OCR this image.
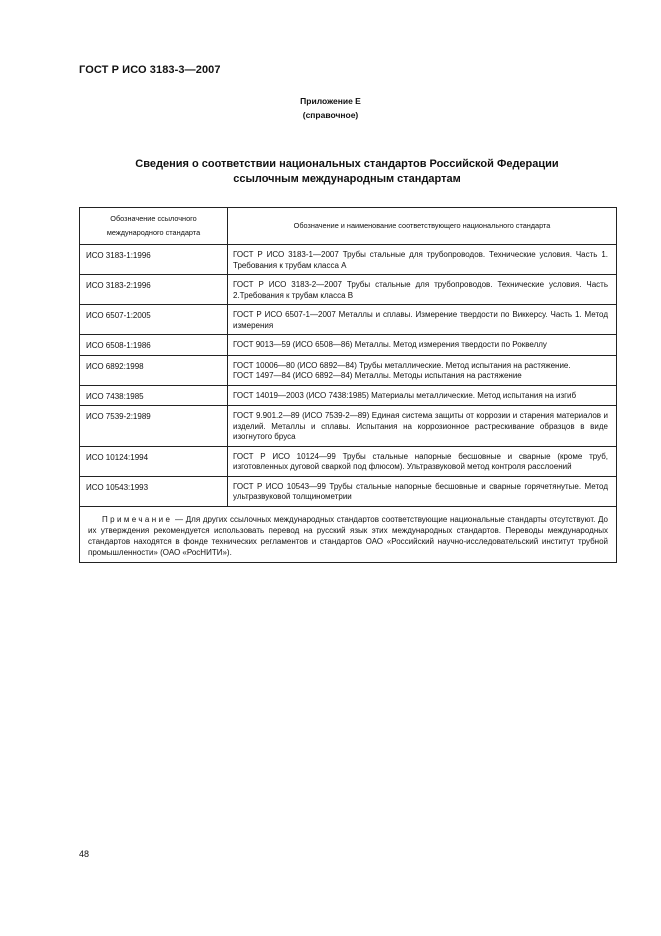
ГОСТ Р ИСО 3183-3—2007
Приложение Е
(справочное)
Сведения о соответствии национальных стандартов Российской Федерации
ссылочным международным стандартам
Обозначение ссылочного
международного стандарта	Обозначение и наименование соответствующего национального стандарта
ИСО 3183-1:1996	ГОСТ Р ИСО 3183-1—2007 Трубы стальные для трубопроводов. Технические условия. Часть 1. Требования к трубам класса А

ИСО 3183-2:1996	ГОСТ Р ИСО 3183-2—2007 Трубы стальные для трубопроводов. Технические условия. Часть 2.Требования к трубам класса В

ИСО 6507-1:2005	ГОСТ Р ИСО 6507-1—2007 Металлы и сплавы. Измерение твердости по Виккерсу. Часть 1. Метод измерения

ИСО 6508-1:1986	ГОСТ 9013—59 (ИСО 6508—86) Металлы. Метод измерения твердости по Роквеллу

ИСО 6892:1998	ГОСТ 10006—80 (ИСО 6892—84) Трубы металлические. Метод испытания на растяжение.
ГОСТ 1497—84 (ИСО 6892—84) Металлы. Методы испытания на растяжение

ИСО 7438:1985	ГОСТ 14019—2003 (ИСО 7438:1985) Материалы металлические. Метод испытания на изгиб

ИСО 7539-2:1989	ГОСТ 9.901.2—89 (ИСО 7539-2—89) Единая система защиты от коррозии и старения материалов и изделий. Металлы и сплавы. Испытания на коррозионное растрескивание образцов в виде изогнутого бруса

ИСО 10124:1994	ГОСТ Р ИСО 10124—99 Трубы стальные напорные бесшовные и сварные (кроме труб, изготовленных дуговой сваркой под флюсом). Ультразвуковой метод контроля расслоений

ИСО 10543:1993	ГОСТ Р ИСО 10543—99 Трубы стальные напорные бесшовные и сварные горячетянутые. Метод ультразвуковой толщинометрии

Примечание — Для других ссылочных международных стандартов соответствующие национальные стандарты отсутствуют. До их утверждения рекомендуется использовать перевод на русский язык этих международных стандартов. Переводы международных стандартов находятся в фонде технических регламентов и стандартов ОАО «Российский научно-исследовательский институт трубной промышленности» (ОАО «РосНИТИ»).	
48
